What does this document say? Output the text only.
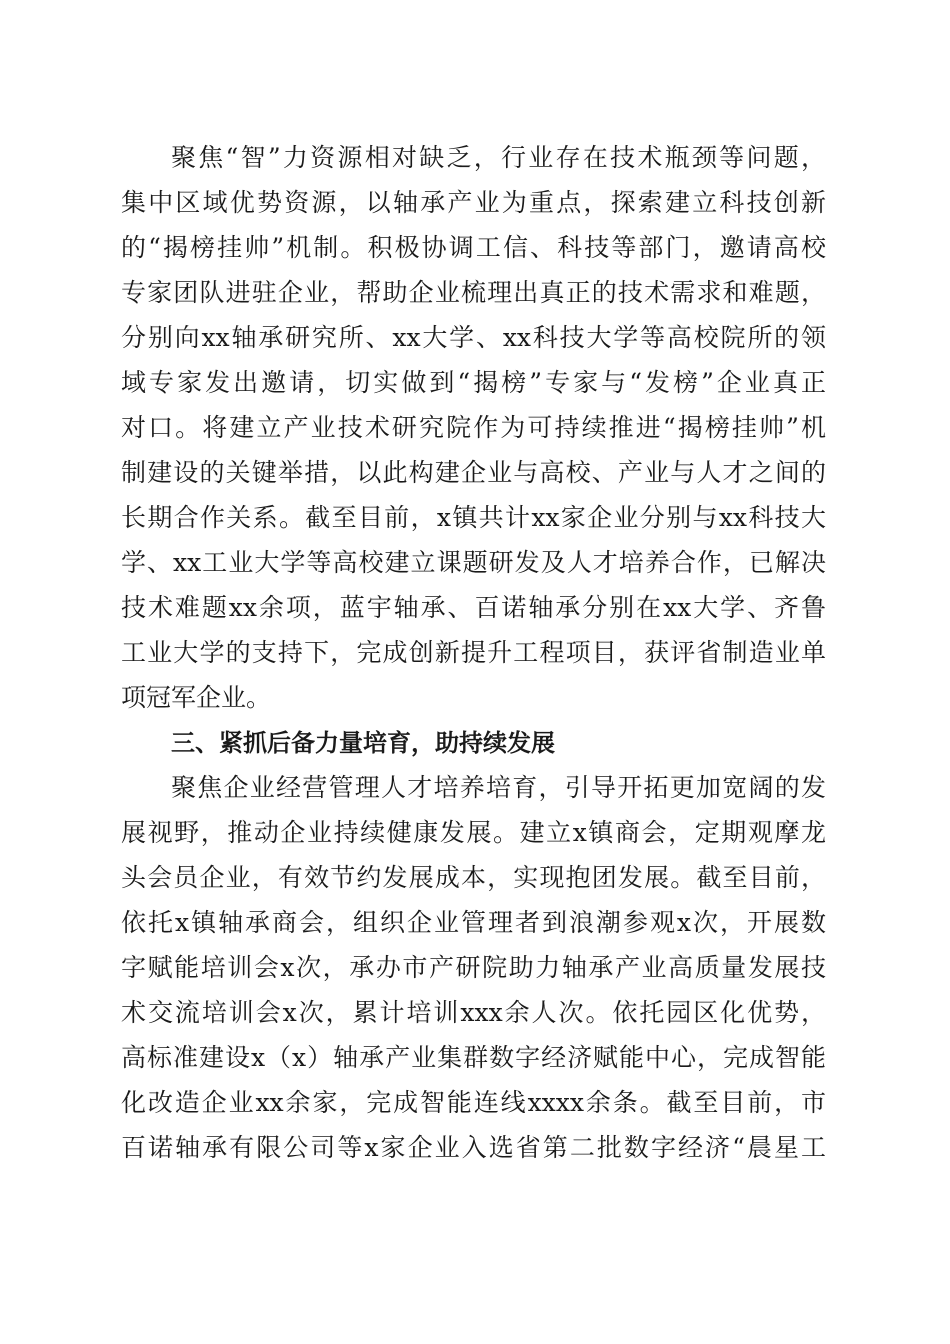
聚焦“智”力资源相对缺乏，行业存在技术瓶颈等问题，
集中区域优势资源，以轴承产业为重点，探索建立科技创新
的“揭榜挂帅”机制。积极协调工信、科技等部门，邀请高校
专家团队进驻企业，帮助企业梳理出真正的技术需求和难题，
分别向xx轴承研究所、xx大学、xx科技大学等高校院所的领
域专家发出邀请，切实做到“揭榜”专家与“发榜”企业真正
对口。将建立产业技术研究院作为可持续推进“揭榜挂帅”机
制建设的关键举措，以此构建企业与高校、产业与人才之间的
长期合作关系。截至目前，x镇共计xx家企业分别与xx科技大
学、xx工业大学等高校建立课题研发及人才培养合作，已解决
技术难题xx余项，蓝宇轴承、百诺轴承分别在xx大学、齐鲁
工业大学的支持下，完成创新提升工程项目，获评省制造业单
项冠军企业。
三、紧抓后备力量培育，助持续发展
聚焦企业经营管理人才培养培育，引导开拓更加宽阔的发
展视野，推动企业持续健康发展。建立x镇商会，定期观摩龙
头会员企业，有效节约发展成本，实现抱团发展。截至目前，
依托x镇轴承商会，组织企业管理者到浪潮参观x次，开展数
字赋能培训会x次，承办市产研院助力轴承产业高质量发展技
术交流培训会x次，累计培训xxx余人次。依托园区化优势，
高标准建设x（x）轴承产业集群数字经济赋能中心，完成智能
化改造企业xx余家，完成智能连线xxxx余条。截至目前，市
百诺轴承有限公司等x家企业入选省第二批数字经济“晨星工
